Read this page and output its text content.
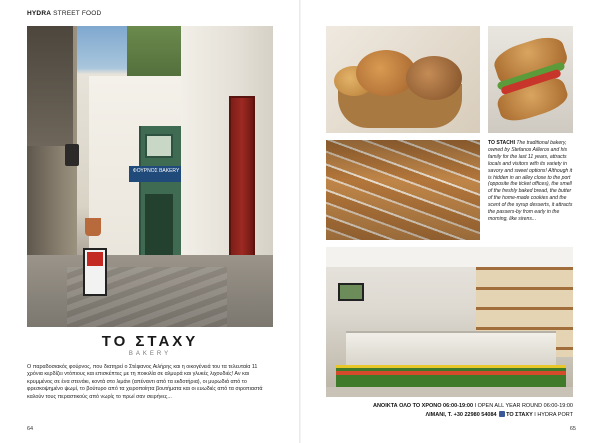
HYDRA STREET FOOD
ΦΟΥΡΝΟΣ BAKERY
ΤΟ ΣΤΑΧΥ
BAKERY

Ο παραδοσιακός φούρνος, που διατηρεί ο Στέφανος Αιλήρης και η οικογένειά του τα τελευταία 11 χρόνια κερδίζει ντόπιους και επισκέπτες με τη ποικιλία σε αλμυρά και γλυκές λιχουδιές! Αν και κρυμμένος σε ένα στενάκι, κοντά στο λιμάνι (απέναντι από τα εκδοτήρια), οι μυρωδιά από το φρεσκοψημένο ψωμί, το βούτυρο από τα χειροποίητα βουτήματα και οι ευωδιές από τα σιροπιαστά καλούν τους περαστικούς από νωρίς το πρωί σαν σειρήνες...

64

TO STACHI The traditional bakery, owned by Stefanos Ailleros and his family for the last 11 years, attracts locals and visitors with its variety in savory and sweet options! Although it is hidden in an alley close to the port (opposite the ticket offices), the smell of the freshly baked bread, the butter of the home-made cookies and the scent of the syrup desserts, it attracts the passers-by from early in the morning, like sirens...

ΑΝΟΙΚΤΑ ΟΛΟ ΤΟ ΧΡΟΝΟ 06:00-19:00 I OPEN ALL YEAR ROUND 06:00-19:00
ΛΙΜΑΝΙ, Τ. +30 22980 54084 ΤΟ ΣΤΑΧΥ I HYDRA PORT
65
